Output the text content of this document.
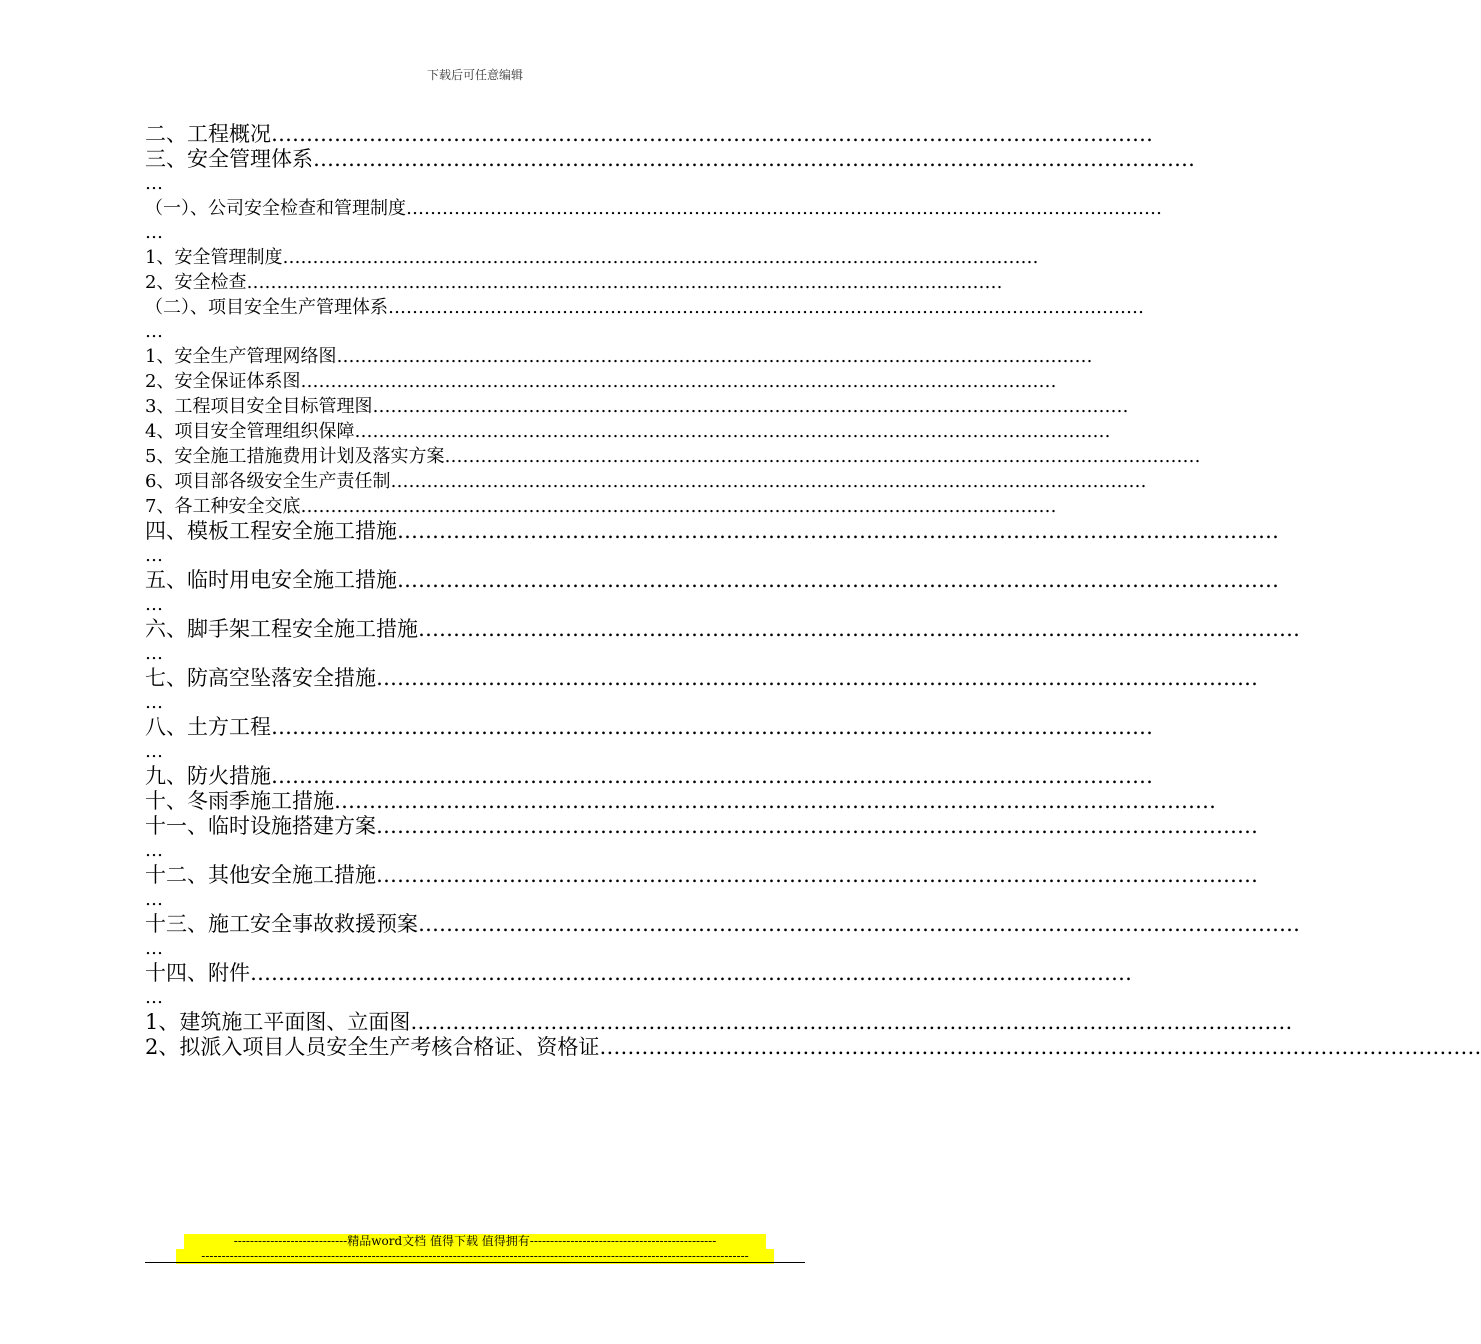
下载后可任意编辑
二、工程概况 ………………………………………………………………………………………………………………
三、安全管理体系 ………………………………………………………………………………………………………………
…
（一）、公司安全检查和管理制度 ………………………………………………………………………………………………………………
…
1、安全管理制度 ………………………………………………………………………………………………………………
2、安全检查 ………………………………………………………………………………………………………………
（二）、项目安全生产管理体系 ………………………………………………………………………………………………………………
…
1、安全生产管理网络图 ………………………………………………………………………………………………………………
2、安全保证体系图 ………………………………………………………………………………………………………………
3、工程项目安全目标管理图 ………………………………………………………………………………………………………………
4、项目安全管理组织保障 ………………………………………………………………………………………………………………
5、安全施工措施费用计划及落实方案 ………………………………………………………………………………………………………………
6、项目部各级安全生产责任制 ………………………………………………………………………………………………………………
7、各工种安全交底 ………………………………………………………………………………………………………………
四、模板工程安全施工措施 ………………………………………………………………………………………………………………
…
五、临时用电安全施工措施 ………………………………………………………………………………………………………………
…
六、脚手架工程安全施工措施 ………………………………………………………………………………………………………………
…
七、防高空坠落安全措施 ………………………………………………………………………………………………………………
…
八、土方工程 ………………………………………………………………………………………………………………
…
九、防火措施 ………………………………………………………………………………………………………………
十、冬雨季施工措施 ………………………………………………………………………………………………………………
十一、临时设施搭建方案 ………………………………………………………………………………………………………………
…
十二、其他安全施工措施 ………………………………………………………………………………………………………………
…
十三、施工安全事故救援预案 ………………………………………………………………………………………………………………
…
十四、附件 ………………………………………………………………………………………………………………
…
1、建筑施工平面图、立面图 ………………………………………………………………………………………………………………
2、拟派入项目人员安全生产考核合格证、资格证 ………………………………………………………………………………………………………………
----------------------------精品word文档 值得下载 值得拥有----------------------------------------------
---------------------------------------------------------------------------------------------------------------------------------------
